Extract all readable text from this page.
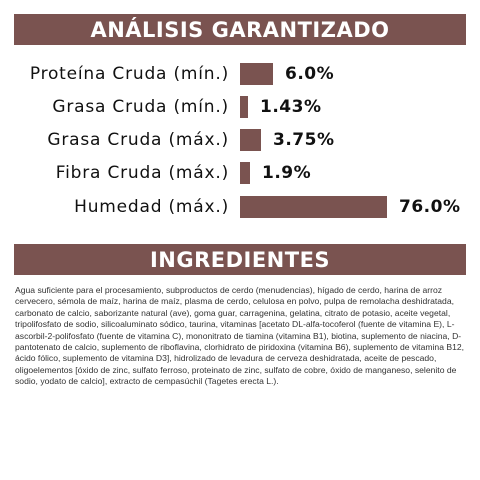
ANÁLISIS GARANTIZADO
Proteína Cruda (mín.)	6.0%
Grasa Cruda (mín.) 1.43%
Grasa Cruda (máx.)	3.75%
Fibra Cruda (máx.) 1.9%
Humedad (máx.)	76.0%
INGREDIENTES

Agua suficiente para el procesamiento, subproductos de cerdo (menudencias), hígado de cerdo, harina de arroz cervecero, sémola de maíz, harina de maíz, plasma de cerdo, celulosa en polvo, pulpa de remolacha deshidratada, carbonato de calcio, saborizante natural (ave), goma guar, carragenina, gelatina, citrato de potasio, aceite vegetal, tripolifosfato de sodio, silicoaluminato sódico, taurina, vitaminas [acetato DL-alfa-tocoferol (fuente de vitamina E), L-ascorbil-2-polifosfato (fuente de vitamina C), mononitrato de tiamina (vitamina B1), biotina, suplemento de niacina, D-pantotenato de calcio, suplemento de riboflavina, clorhidrato de piridoxina (vitamina B6), suplemento de vitamina B12, ácido fólico, suplemento de vitamina D3], hidrolizado de levadura de cerveza deshidratada, aceite de pescado, oligoelementos [óxido de zinc, sulfato ferroso, proteinato de zinc, sulfato de cobre, óxido de manganeso, selenito de sodio, yodato de calcio], extracto de cempasúchil (Tagetes erecta L.).
